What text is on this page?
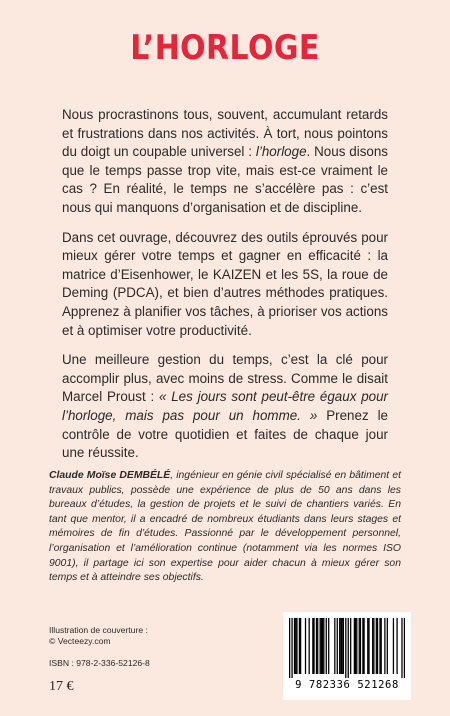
L’HORLOGE

Nous procrastinons tous, souvent, accumulant retards et frustrations dans nos activités. À tort, nous pointons du doigt un coupable universel : l’horloge. Nous disons que le temps passe trop vite, mais est-ce vraiment le cas ? En réalité, le temps ne s’accélère pas : c’est nous qui manquons d’organisation et de discipline.

Dans cet ouvrage, découvrez des outils éprouvés pour mieux gérer votre temps et gagner en efficacité : la matrice d’Eisenhower, le KAIZEN et les 5S, la roue de Deming (PDCA), et bien d’autres méthodes pratiques. Apprenez à planifier vos tâches, à prioriser vos actions et à optimiser votre productivité.

Une meilleure gestion du temps, c’est la clé pour accomplir plus, avec moins de stress. Comme le disait Marcel Proust : « Les jours sont peut-être égaux pour l’horloge, mais pas pour un homme. » Prenez le contrôle de votre quotidien et faites de chaque jour une réussite.

Claude Moïse DEMBÉLÉ, ingénieur en génie civil spécialisé en bâtiment et travaux publics, possède une expérience de plus de 50 ans dans les bureaux d’études, la gestion de projets et le suivi de chantiers variés. En tant que mentor, il a encadré de nombreux étudiants dans leurs stages et mémoires de fin d’études. Passionné par le développement personnel, l’organisation et l’amélioration continue (notamment via les normes ISO 9001), il partage ici son expertise pour aider chacun à mieux gérer son temps et à atteindre ses objectifs.
Illustration de couverture :
© Vecteezy.com
ISBN : 978-2-336-52126-8
17 €	9 782336 521268
